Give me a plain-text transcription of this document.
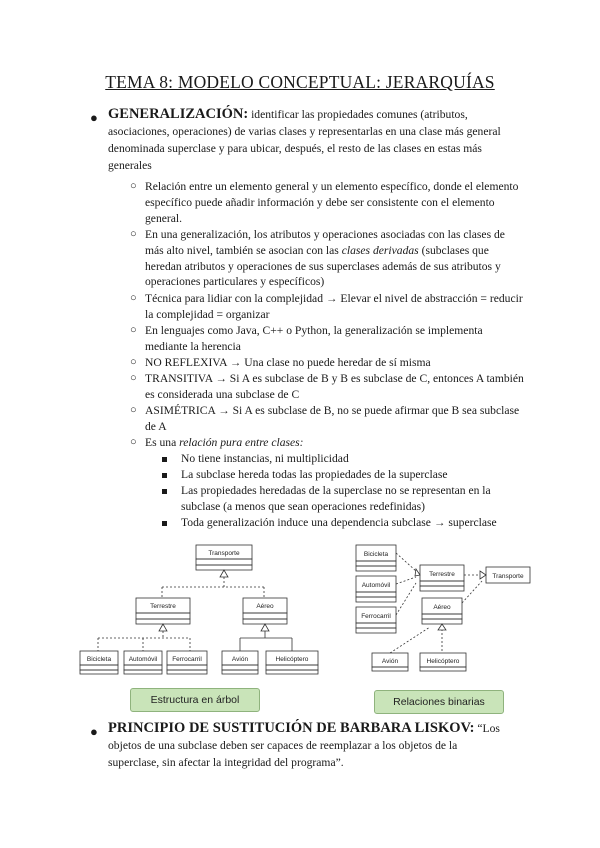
TEMA 8: MODELO CONCEPTUAL: JERARQUÍAS
● GENERALIZACIÓN: identificar las propiedades comunes (atributos, asociaciones, operaciones) de varias clases y representarlas en una clase más general denominada superclase y para ubicar, después, el resto de las clases en estas más generales
○ Relación entre un elemento general y un elemento específico, donde el elemento específico puede añadir información y debe ser consistente con el elemento general.
○ En una generalización, los atributos y operaciones asociadas con las clases de más alto nivel, también se asocian con las clases derivadas (subclases que heredan atributos y operaciones de sus superclases además de sus atributos y operaciones particulares y específicos)
○ Técnica para lidiar con la complejidad → Elevar el nivel de abstracción = reducir la complejidad = organizar
○ En lenguajes como Java, C++ o Python, la generalización se implementa mediante la herencia
○ NO REFLEXIVA → Una clase no puede heredar de sí misma
○ TRANSITIVA → Si A es subclase de B y B es subclase de C, entonces A también es considerada una subclase de C
○ ASIMÉTRICA → Si A es subclase de B, no se puede afirmar que B sea subclase de A
○ Es una relación pura entre clases:
No tiene instancias, ni multiplicidad
La subclase hereda todas las propiedades de la superclase
Las propiedades heredadas de la superclase no se representan en la subclase (a menos que sean operaciones redefinidas)
Toda generalización induce una dependencia subclase → superclase
Transporte
Terrestre	Aéreo
Bicicleta	Automóvil Ferrocarril	Avión	Helicóptero
Estructura en árbol
Bicicleta
Automóvil
Ferrocarril
Terrestre
Aéreo
Transporte
Avión	Helicóptero
Relaciones binarias
● PRINCIPIO DE SUSTITUCIÓN DE BARBARA LISKOV: “Los objetos de una subclase deben ser capaces de reemplazar a los objetos de la superclase, sin afectar la integridad del programa”.
